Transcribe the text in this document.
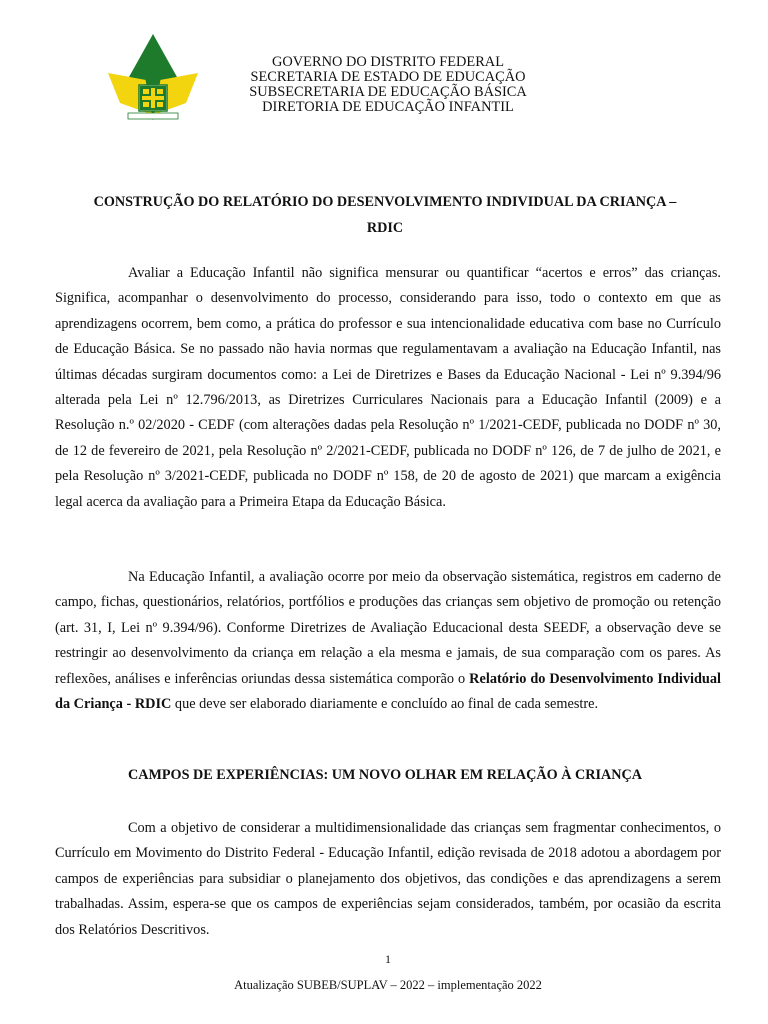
GOVERNO DO DISTRITO FEDERAL
SECRETARIA DE ESTADO DE EDUCAÇÃO
SUBSECRETARIA DE EDUCAÇÃO BÁSICA
DIRETORIA DE EDUCAÇÃO INFANTIL
CONSTRUÇÃO DO RELATÓRIO DO DESENVOLVIMENTO INDIVIDUAL DA CRIANÇA –
RDIC
Avaliar a Educação Infantil não significa mensurar ou quantificar “acertos e erros” das crianças. Significa, acompanhar o desenvolvimento do processo, considerando para isso, todo o contexto em que as aprendizagens ocorrem, bem como, a prática do professor e sua intencionalidade educativa com base no Currículo de Educação Básica. Se no passado não havia normas que regulamentavam a avaliação na Educação Infantil, nas últimas décadas surgiram documentos como: a Lei de Diretrizes e Bases da Educação Nacional - Lei nº 9.394/96 alterada pela Lei nº 12.796/2013, as Diretrizes Curriculares Nacionais para a Educação Infantil (2009) e a Resolução n.º 02/2020 - CEDF (com alterações dadas pela Resolução nº 1/2021-CEDF, publicada no DODF nº 30, de 12 de fevereiro de 2021, pela Resolução nº 2/2021-CEDF, publicada no DODF nº 126, de 7 de julho de 2021, e pela Resolução nº 3/2021-CEDF, publicada no DODF nº 158, de 20 de agosto de 2021) que marcam a exigência legal acerca da avaliação para a Primeira Etapa da Educação Básica.
Na Educação Infantil, a avaliação ocorre por meio da observação sistemática, registros em caderno de campo, fichas, questionários, relatórios, portfólios e produções das crianças sem objetivo de promoção ou retenção (art. 31, I, Lei nº 9.394/96). Conforme Diretrizes de Avaliação Educacional desta SEEDF, a observação deve se restringir ao desenvolvimento da criança em relação a ela mesma e jamais, de sua comparação com os pares. As reflexões, análises e inferências oriundas dessa sistemática comporão o Relatório do Desenvolvimento Individual da Criança - RDIC que deve ser elaborado diariamente e concluído ao final de cada semestre.
CAMPOS DE EXPERIÊNCIAS: UM NOVO OLHAR EM RELAÇÃO À CRIANÇA
Com a objetivo de considerar a multidimensionalidade das crianças sem fragmentar conhecimentos, o Currículo em Movimento do Distrito Federal - Educação Infantil, edição revisada de 2018 adotou a abordagem por campos de experiências para subsidiar o planejamento dos objetivos, das condições e das aprendizagens a serem trabalhadas. Assim, espera-se que os campos de experiências sejam considerados, também, por ocasião da escrita dos Relatórios Descritivos.
1
Atualização SUBEB/SUPLAV – 2022 – implementação 2022
